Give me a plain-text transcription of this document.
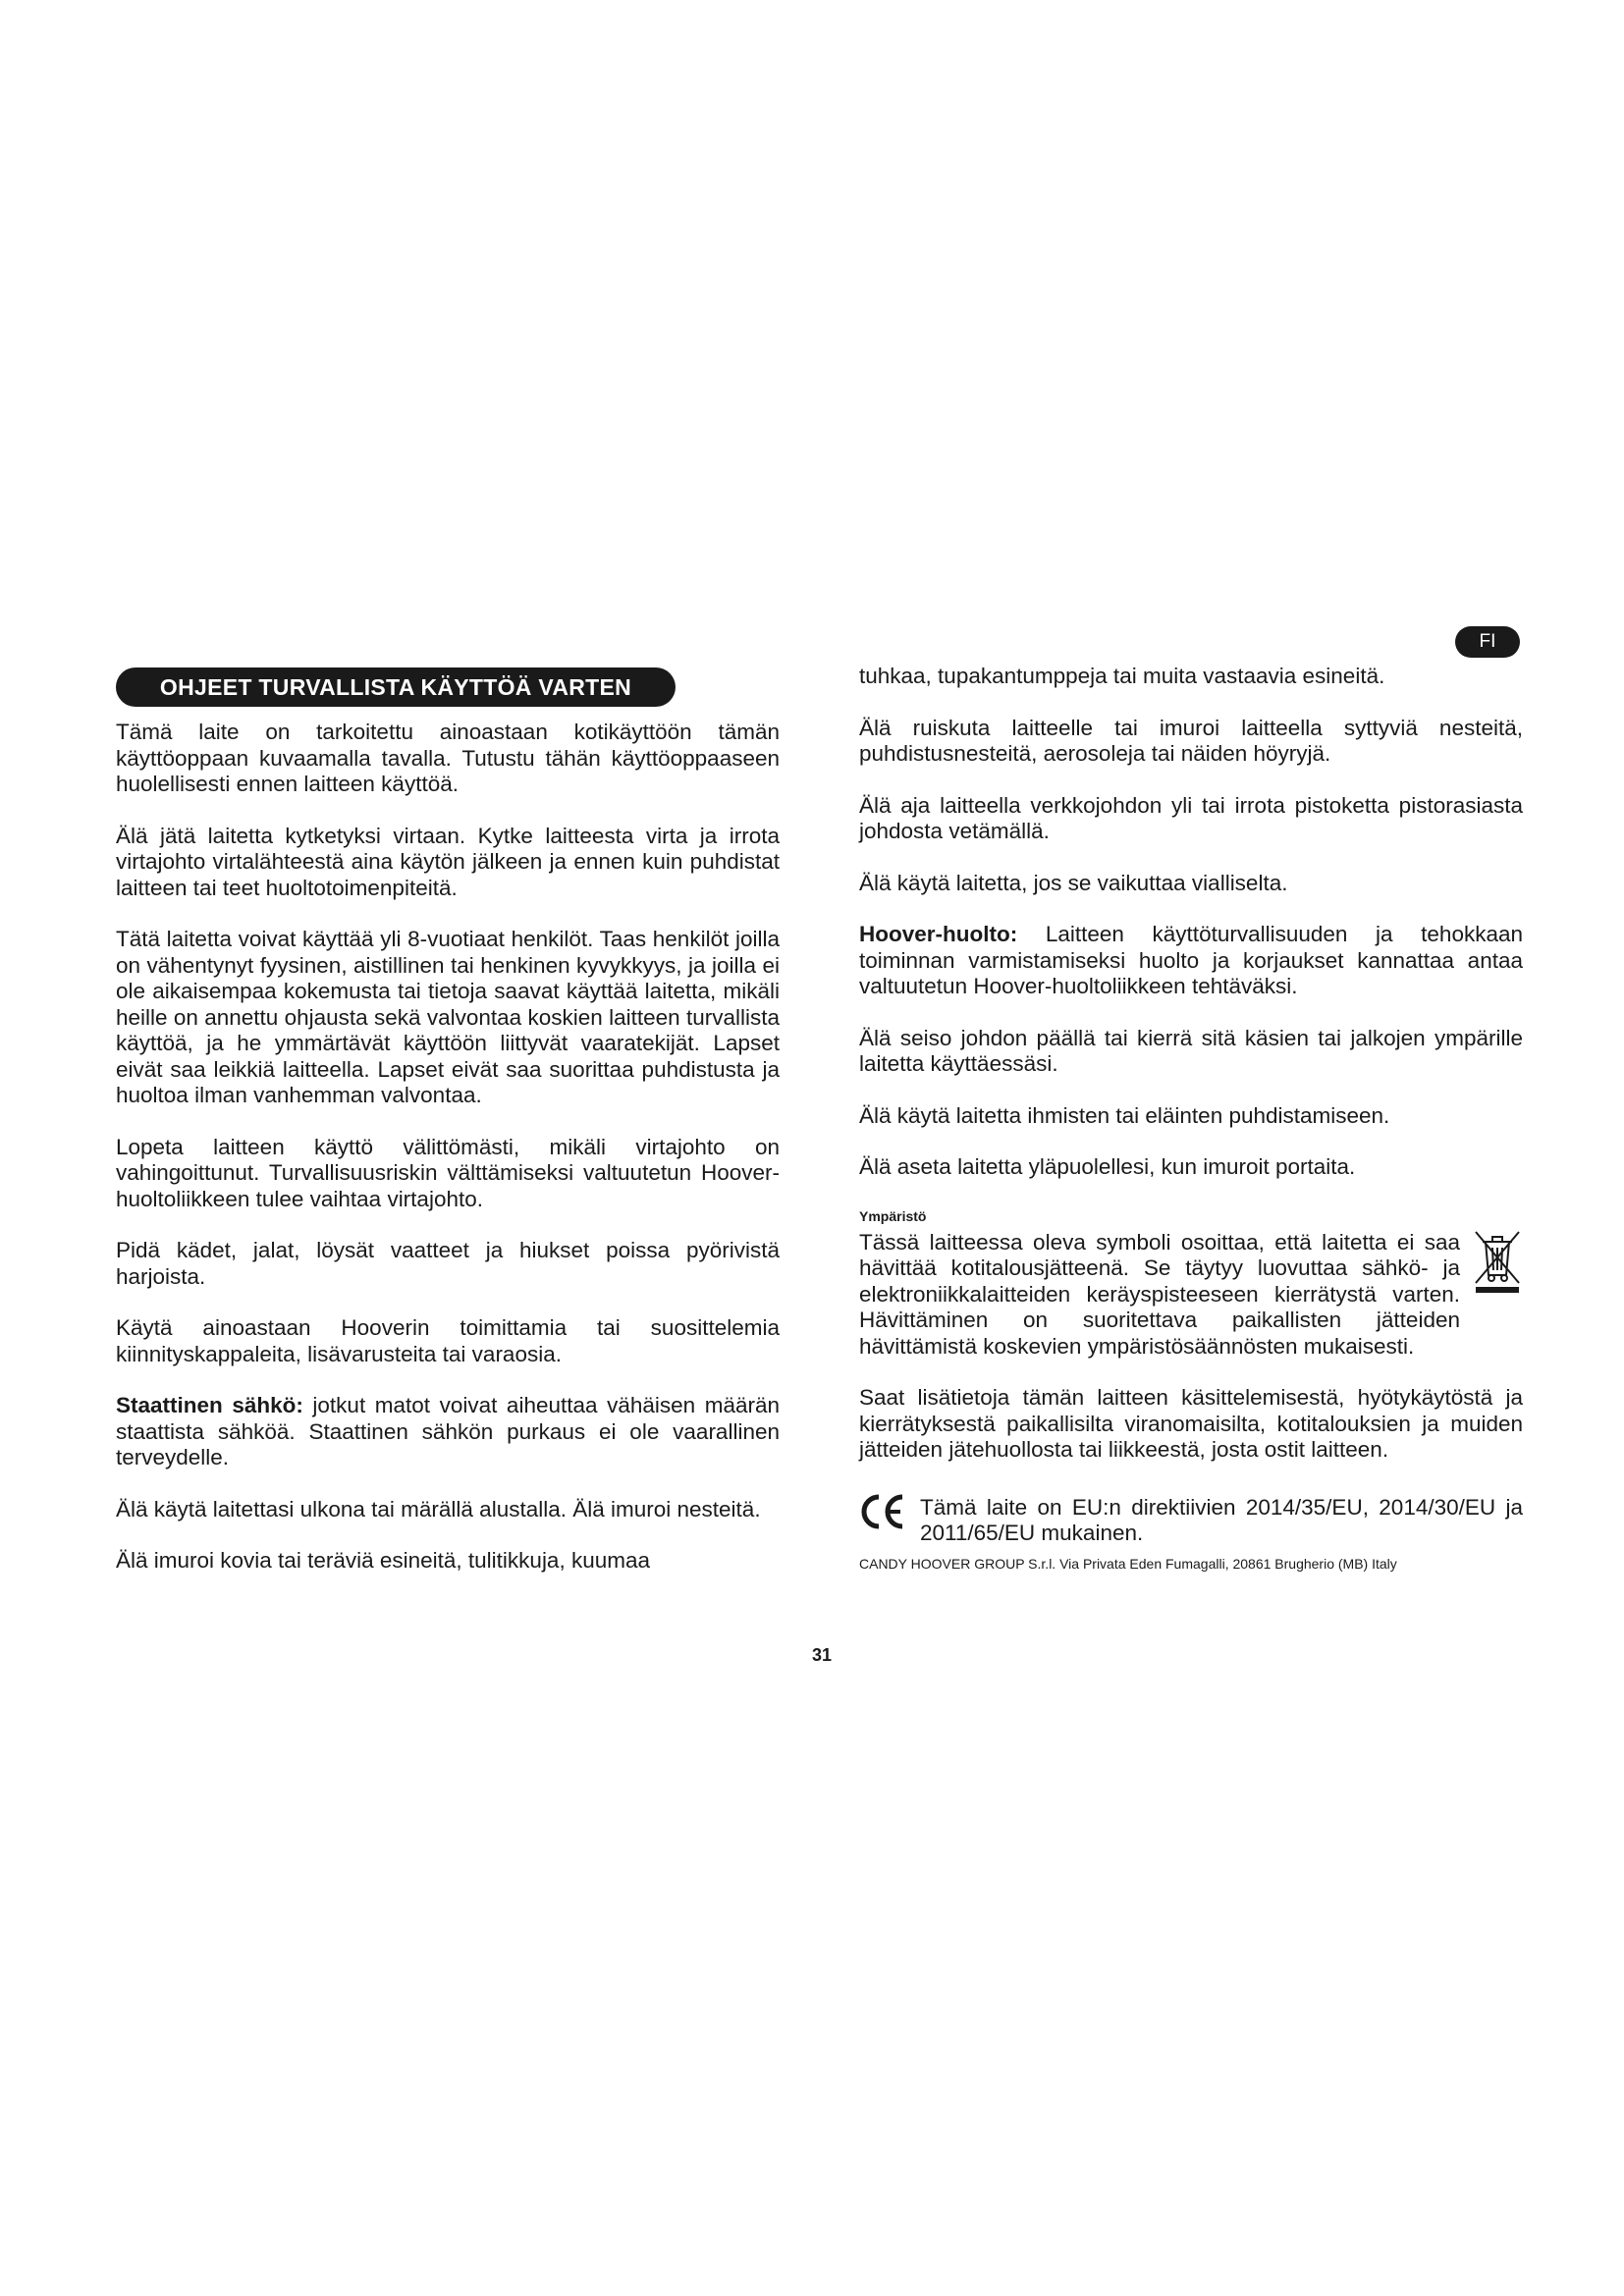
FI
OHJEET TURVALLISTA KÄYTTÖÄ VARTEN

Tämä laite on tarkoitettu ainoastaan kotikäyttöön tämän käyttöoppaan kuvaamalla tavalla. Tutustu tähän käyttöoppaaseen huolellisesti ennen laitteen käyttöä.

Älä jätä laitetta kytketyksi virtaan. Kytke laitteesta virta ja irrota virtajohto virtalähteestä aina käytön jälkeen ja ennen kuin puhdistat laitteen tai teet huoltotoimenpiteitä.

Tätä laitetta voivat käyttää yli 8-vuotiaat henkilöt. Taas henkilöt joilla on vähentynyt fyysinen, aistillinen tai henkinen kyvykkyys, ja joilla ei ole aikaisempaa kokemusta tai tietoja saavat käyttää laitetta, mikäli heille on annettu ohjausta sekä valvontaa koskien laitteen turvallista käyttöä, ja he ymmärtävät käyttöön liittyvät vaaratekijät. Lapset eivät saa leikkiä laitteella. Lapset eivät saa suorittaa puhdistusta ja huoltoa ilman vanhemman valvontaa.

Lopeta laitteen käyttö välittömästi, mikäli virtajohto on vahingoittunut. Turvallisuusriskin välttämiseksi valtuutetun Hoover-huoltoliikkeen tulee vaihtaa virtajohto.

Pidä kädet, jalat, löysät vaatteet ja hiukset poissa pyörivistä harjoista.

Käytä ainoastaan Hooverin toimittamia tai suosittelemia kiinnityskappaleita, lisävarusteita tai varaosia.

Staattinen sähkö: jotkut matot voivat aiheuttaa vähäisen määrän staattista sähköä. Staattinen sähkön purkaus ei ole vaarallinen terveydelle.

Älä käytä laitettasi ulkona tai märällä alustalla. Älä imuroi nesteitä.

Älä imuroi kovia tai teräviä esineitä, tulitikkuja, kuumaa

tuhkaa, tupakantumppeja tai muita vastaavia esineitä.

Älä ruiskuta laitteelle tai imuroi laitteella syttyviä nesteitä, puhdistusnesteitä, aerosoleja tai näiden höyryjä.

Älä aja laitteella verkkojohdon yli tai irrota pistoketta pistorasiasta johdosta vetämällä.

Älä käytä laitetta, jos se vaikuttaa vialliselta.

Hoover-huolto: Laitteen käyttöturvallisuuden ja tehokkaan toiminnan varmistamiseksi huolto ja korjaukset kannattaa antaa valtuutetun Hoover-huoltoliikkeen tehtäväksi.

Älä seiso johdon päällä tai kierrä sitä käsien tai jalkojen ympärille laitetta käyttäessäsi.

Älä käytä laitetta ihmisten tai eläinten puhdistamiseen.

Älä aseta laitetta yläpuolellesi, kun imuroit portaita.

Ympäristö

Tässä laitteessa oleva symboli osoittaa, että laitetta ei saa hävittää kotitalousjätteenä. Se täytyy luovuttaa sähkö- ja elektroniikkalaitteiden keräyspisteeseen kierrätystä varten. Hävittäminen on suoritettava paikallisten jätteiden hävittämistä koskevien ympäristösäännösten mukaisesti.

Saat lisätietoja tämän laitteen käsittelemisestä, hyötykäytöstä ja kierrätyksestä paikallisilta viranomaisilta, kotitalouksien ja muiden jätteiden jätehuollosta tai liikkeestä, josta ostit laitteen.

Tämä laite on EU:n direktiivien 2014/35/EU, 2014/30/EU ja 2011/65/EU mukainen.

CANDY HOOVER GROUP S.r.l. Via Privata Eden Fumagalli, 20861 Brugherio (MB) Italy
31
